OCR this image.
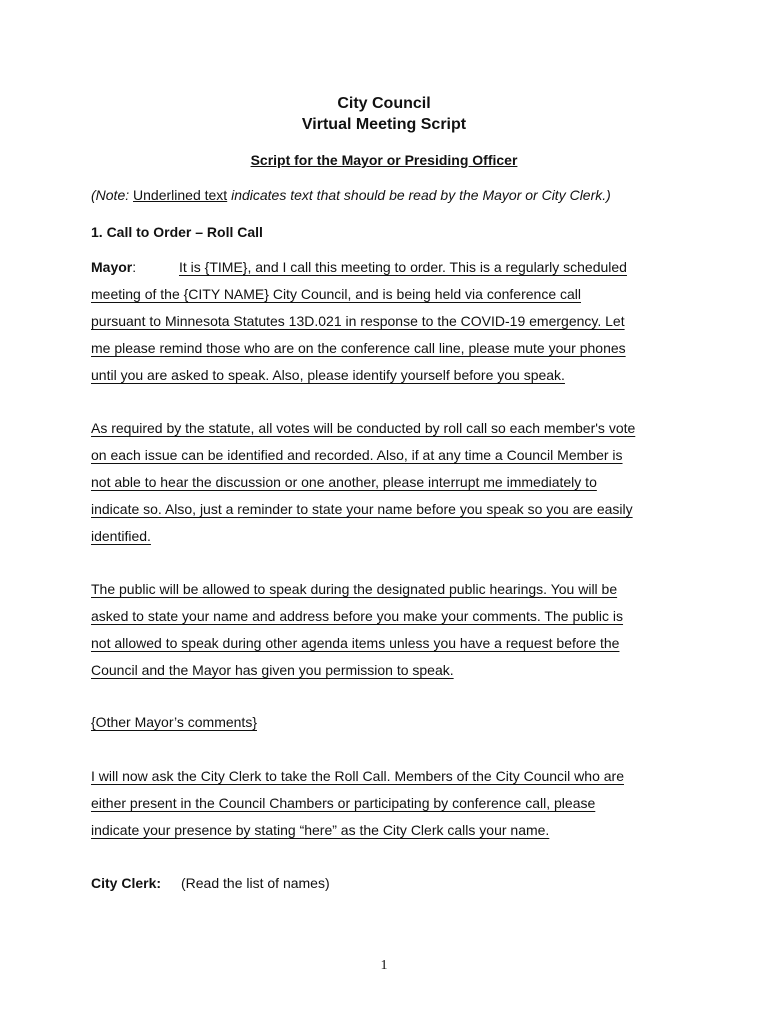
City Council
Virtual Meeting Script
Script for the Mayor or Presiding Officer
(Note: Underlined text indicates text that should be read by the Mayor or City Clerk.)
1. Call to Order – Roll Call
Mayor:	It is {TIME}, and I call this meeting to order. This is a regularly scheduled
meeting of the {CITY NAME} City Council, and is being held via conference call
pursuant to Minnesota Statutes 13D.021 in response to the COVID-19 emergency. Let
me please remind those who are on the conference call line, please mute your phones
until you are asked to speak. Also, please identify yourself before you speak.
As required by the statute, all votes will be conducted by roll call so each member's vote
on each issue can be identified and recorded. Also, if at any time a Council Member is
not able to hear the discussion or one another, please interrupt me immediately to
indicate so. Also, just a reminder to state your name before you speak so you are easily
identified.
The public will be allowed to speak during the designated public hearings. You will be
asked to state your name and address before you make your comments. The public is
not allowed to speak during other agenda items unless you have a request before the
Council and the Mayor has given you permission to speak.
{Other Mayor’s comments}
I will now ask the City Clerk to take the Roll Call. Members of the City Council who are
either present in the Council Chambers or participating by conference call, please
indicate your presence by stating “here” as the City Clerk calls your name.
City Clerk: (Read the list of names)
1
